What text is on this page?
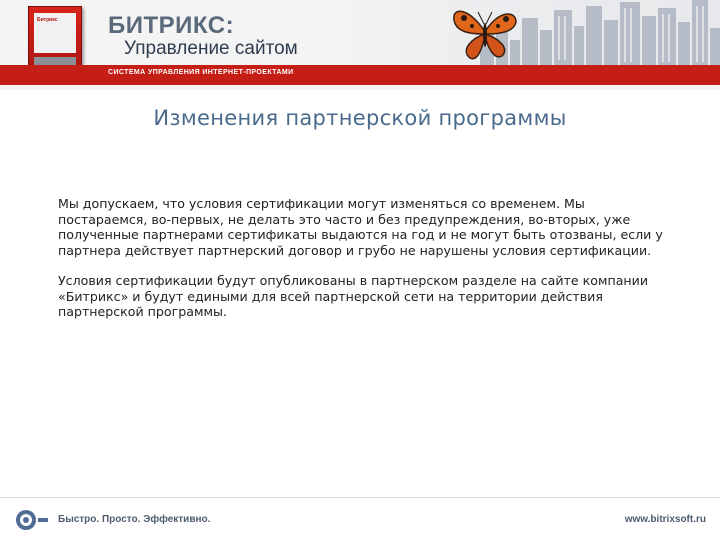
Битрикс БИТРИКС:
Управление сайтом
СИСТЕМА УПРАВЛЕНИЯ ИНТЕРНЕТ-ПРОЕКТАМИ
Изменения партнерской программы

Мы допускаем, что условия сертификации могут изменяться со временем. Мы постараемся, во-первых, не делать это часто и без предупреждения, во-вторых, уже полученные партнерами сертификаты выдаются на год и не могут быть отозваны, если у партнера действует партнерский договор и грубо не нарушены условия сертификации.

Условия сертификации будут опубликованы в партнерском разделе на сайте компании «Битрикс» и будут едиными для всей партнерской сети на территории действия партнерской программы.

Быстро. Просто. Эффективно.	www.bitrixsoft.ru
